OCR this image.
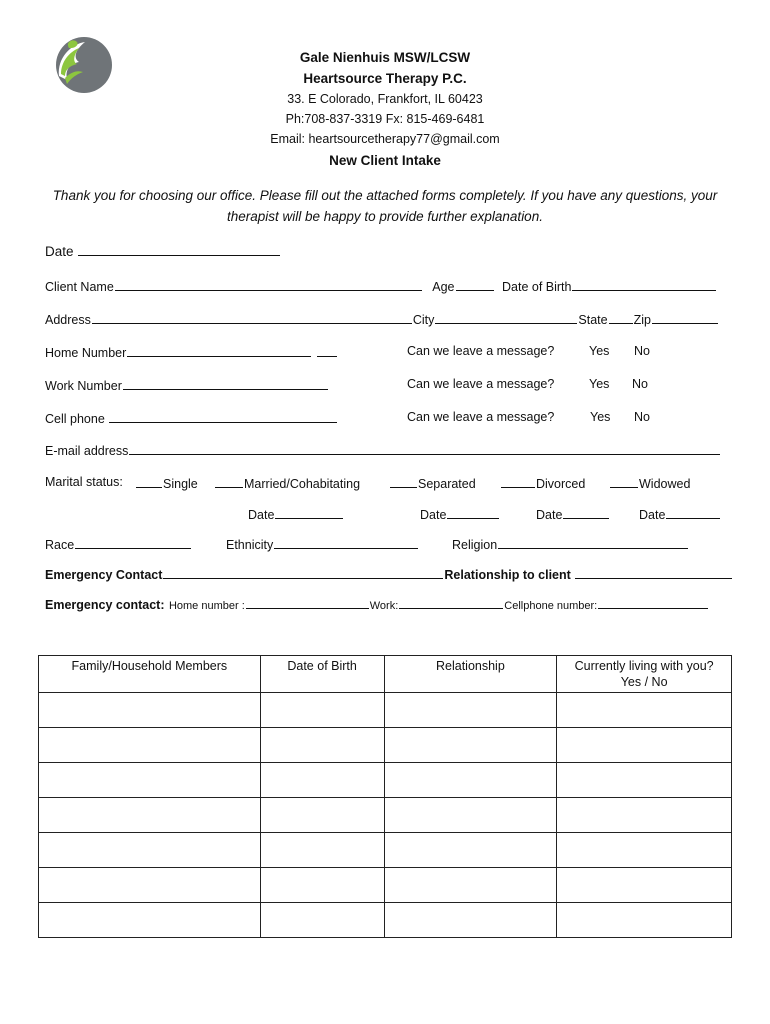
Gale Nienhuis MSW/LCSW
Heartsource Therapy P.C.
33. E Colorado, Frankfort, IL 60423
Ph:708-837-3319 Fx: 815-469-6481
Email: heartsourcetherapy77@gmail.com
New Client Intake
Thank you for choosing our office. Please fill out the attached forms completely. If you have any questions, your therapist will be happy to provide further explanation.
Date
Client Name	Age	Date of Birth
Address	City	State Zip
Home Number	Can we leave a message?	Yes No
Work Number	Can we leave a message?	Yes No
Cell phone	Can we leave a message?	Yes No
E-mail address
Marital status:	Single	Married/Cohabitating	Separated	Divorced	Widowed
Date	Date	Date	Date
Race	Ethnicity	Religion
Emergency Contact	Relationship to client
Emergency contact: Home number :	Work:	Cellphone number:
Family/Household Members	Date of Birth	Relationship	Currently living with you?
Yes / No
